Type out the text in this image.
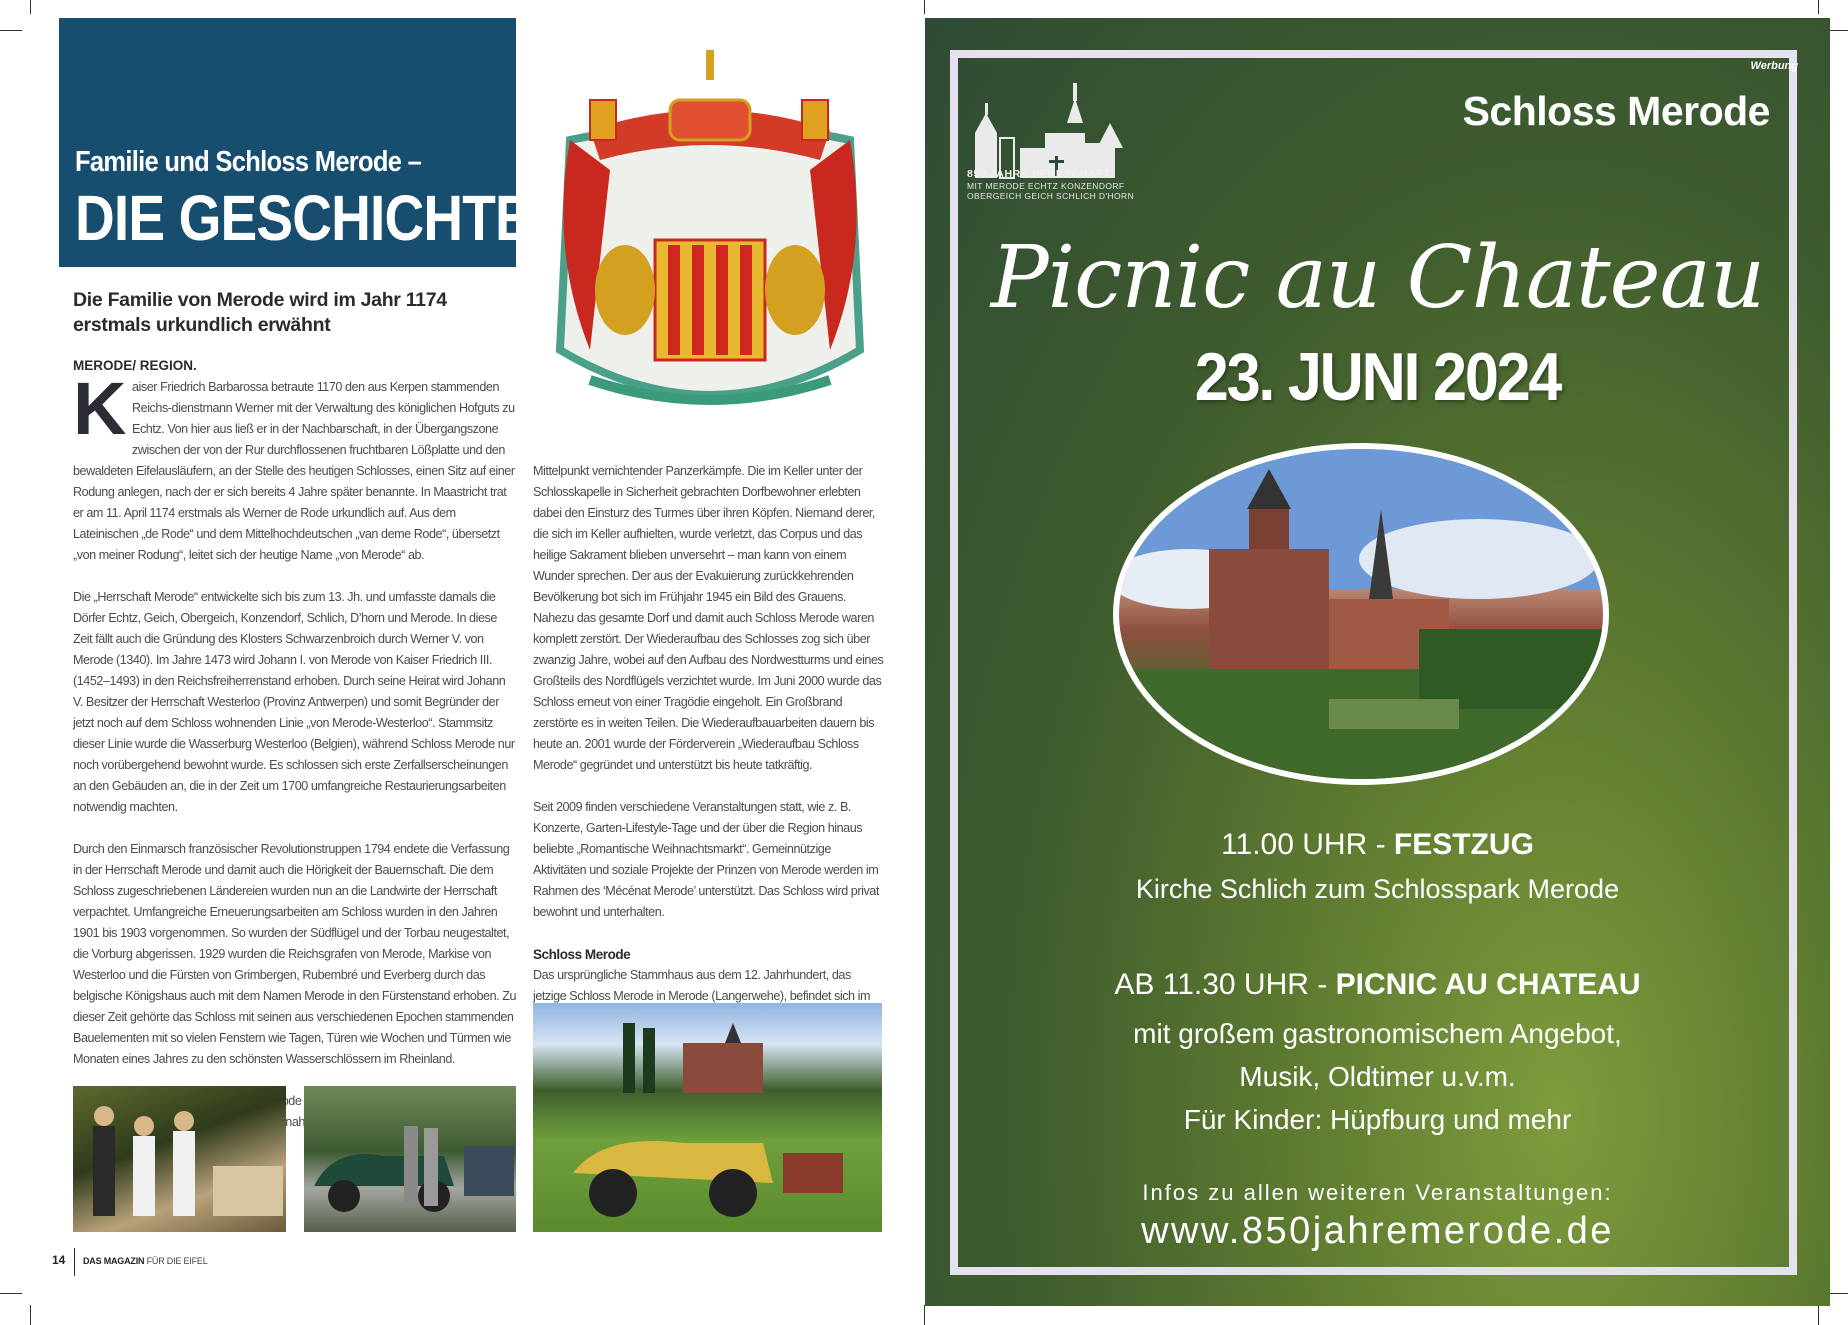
Familie und Schloss Merode –
DIE GESCHICHTE
Die Familie von Merode wird im Jahr 1174 erstmals urkundlich erwähnt
MERODE/ REGION.

Kaiser Friedrich Barbarossa betraute 1170 den aus Kerpen stammenden Reichs-dienstmann Werner mit der Verwaltung des königlichen Hofguts zu Echtz. Von hier aus ließ er in der Nachbarschaft, in der Übergangszone zwischen der von der Rur durchflossenen fruchtbaren Lößplatte und den bewaldeten Eifelausläufern, an der Stelle des heutigen Schlosses, einen Sitz auf einer Rodung anlegen, nach der er sich bereits 4 Jahre später benannte. In Maastricht trat er am 11. April 1174 erstmals als Werner de Rode urkundlich auf. Aus dem Lateinischen „de Rode“ und dem Mittelhochdeutschen „van deme Rode“, übersetzt „von meiner Rodung“, leitet sich der heutige Name „von Merode“ ab.

Die „Herrschaft Merode“ entwickelte sich bis zum 13. Jh. und umfasste damals die Dörfer Echtz, Geich, Obergeich, Konzendorf, Schlich, D’horn und Merode. In diese Zeit fällt auch die Gründung des Klosters Schwarzenbroich durch Werner V. von Merode (1340). Im Jahre 1473 wird Johann I. von Merode von Kaiser Friedrich III. (1452–1493) in den Reichsfreiherrenstand erhoben. Durch seine Heirat wird Johann V. Besitzer der Herrschaft Westerloo (Provinz Antwerpen) und somit Begründer der jetzt noch auf dem Schloss wohnenden Linie „von Merode-Westerloo“. Stammsitz dieser Linie wurde die Wasserburg Westerloo (Belgien), während Schloss Merode nur noch vorübergehend bewohnt wurde. Es schlossen sich erste Zerfallserscheinungen an den Gebäuden an, die in der Zeit um 1700 umfangreiche Restaurierungsarbeiten notwendig machten.

Durch den Einmarsch französischer Revolutionstruppen 1794 endete die Verfassung in der Herrschaft Merode und damit auch die Hörigkeit der Bauernschaft. Die dem Schloss zugeschriebenen Ländereien wurden nun an die Landwirte der Herrschaft verpachtet. Umfangreiche Erneuerungsarbeiten am Schloss wurden in den Jahren 1901 bis 1903 vorgenommen. So wurden der Südflügel und der Torbau neugestaltet, die Vorburg abgerissen. 1929 wurden die Reichsgrafen von Merode, Markise von Westerloo und die Fürsten von Grimbergen, Rubembré und Everberg durch das belgische Königshaus auch mit dem Namen Merode in den Fürstenstand erhoben. Zu dieser Zeit gehörte das Schloss mit seinen aus verschiedenen Epochen stammenden Bauelementen mit so vielen Fenstern wie Tagen, Türen wie Wochen und Türmen wie Monaten eines Jahres zu den schönsten Wasserschlössern im Rheinland.

Einnahme

Mittelpunkt vernichtender Panzerkämpfe. Die im Keller unter der Schlosskapelle in Sicherheit gebrachten Dorfbewohner erlebten dabei den Einsturz des Turmes über ihren Köpfen. Niemand derer, die sich im Keller aufhielten, wurde verletzt, das Corpus und das heilige Sakrament blieben unversehrt – man kann von einem Wunder sprechen. Der aus der Evakuierung zurückkehrenden Bevölkerung bot sich im Frühjahr 1945 ein Bild des Grauens. Nahezu das gesamte Dorf und damit auch Schloss Merode waren komplett zerstört. Der Wiederaufbau des Schlosses zog sich über zwanzig Jahre, wobei auf den Aufbau des Nordwestturms und eines Großteils des Nordflügels verzichtet wurde. Im Juni 2000 wurde das Schloss erneut von einer Tragödie eingeholt. Ein Großbrand zerstörte es in weiten Teilen. Die Wiederaufbauarbeiten dauern bis heute an. 2001 wurde der Förderverein „Wiederaufbau Schloss Merode“ gegründet und unterstützt bis heute tatkräftig.

Seit 2009 finden verschiedene Veranstaltungen statt, wie z. B. Konzerte, Garten-Lifestyle-Tage und der über die Region hinaus beliebte „Romantische Weihnachtsmarkt“. Gemeinnützige Aktivitäten und soziale Projekte der Prinzen von Merode werden im Rahmen des ‘Mécénat Merode’ unterstützt. Das Schloss wird privat bewohnt und unterhalten.

Schloss Merode

Das ursprüngliche Stammhaus aus dem 12. Jahrhundert, das jetzige Schloss Merode in Merode (Langerwehe), befindet sich im

14 DAS MAGAZIN FÜR DIE EIFEL
Werbung
850 JAHRE HERRSCHAFT
MIT MERODE ECHTZ KONZENDORF
OBERGEICH GEICH SCHLICH D'HORN
Schloss Merode
Picnic au Chateau
23. JUNI 2024
11.00 UHR - FESTZUG
Kirche Schlich zum Schlosspark Merode
AB 11.30 UHR - PICNIC AU CHATEAU
mit großem gastronomischem Angebot,
Musik, Oldtimer u.v.m.
Für Kinder: Hüpfburg und mehr
Infos zu allen weiteren Veranstaltungen:
www.850jahremerode.de
